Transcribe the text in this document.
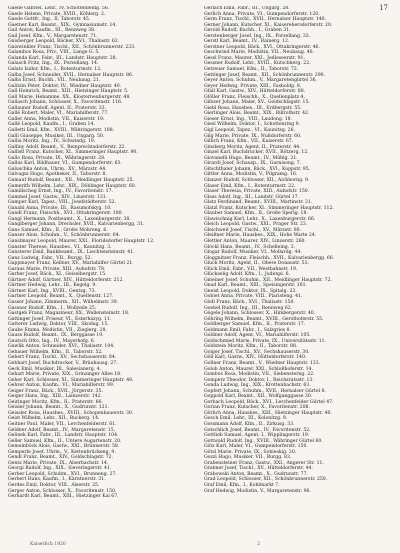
17

Gaede Gabriel, Lehr., IV, Schottenfeldg. 56.

Gaede Helene, Private, XVIII., Köhlerg. 2.

Gaede Gottfr., Ing., II, Taborstr. 45.

Gaetner Karl, Beamt., XIX., Gymnasiumstr. 14.

Gail Anton, Kaufm., III., Rennweg 38.

Gail Josef, Kfm., V., Margaretenstr. 71.

Gaisberger Leopold, Bäcker, XVI., Thaliastr. 62.

Gaiswinkler Franz, Tischl., XII., Schönbrunnerstr. 233.

Galambos Rosa, Priv., VIII., Lange G. 5.

Galanda Karl, Fabr., III., Landstr. Hauptstr. 28.

Galasch Fritz, Ing., IX., Porzellang. 14.

Galatz Isidor, Kfm., I., Rotenturmstr. 12.

Galba Josef, Schneider, XVII., Hernalser Hauptstr. 86.

Galhs Ernst, Buchh., VII., Neubaug. 21.

Galitzin Peter, Doktor, IV., Wiedner Hauptstr. 40.

Gall Heinrich, Beamt., XIII., Hietzinger Hauptstr. 5.

Gall Marie, Hebamme, XX., Klosterneuburgerstr. 48.

Gallasch Johann, Schlosser, X., Favoritenstr. 116.

Gallauner Rudolf, Agent, II., Praterstr. 33.

Gallé Robert, Maler, VI., Mariahilferstr. 77.

Galler Anna, Modistin, VII., Kaiserstr. 19.

Gallé Leopold, Kaufm., I., Graben 14.

Galletti Emil, Kfm., XVIII., Währingerstr. 108.

Galli Giuseppe, Musiker, III., Ungarg. 50.

Gallia Moritz, Ing., IV., Schwindg. 19.

Galliny Adolf, Beamt., V., Reinprechtsdorferstr. 22.

Gallistl Franz, Kutscher, XI., Simmeringer Hauptstr. 90.

Gallo Rosa, Private, IX., Währingerstr. 28.

Gallus Karl, Bildhauer, VI., Gumpendorferstr. 63.

Galuschka Anton, Uhrm., XV., Märzstr. 44.

Galvagni Hugo, Apotheker, II., Taborstr. 8.

Gamauf Rudolf, Beamt., XII., Meidlinger Hauptstr. 25.

Gamerith Wilhelm, Lehr., XIX., Döblinger Hauptstr. 60.

Gamillscheg Ernst, Ing., IV., Favoritenstr. 17.

Gammel Josef, Gastw., XIV., Linzerstr. 131.

Gamper Karl, Tapez., VIII., Josefstädterstr. 52.

Ganahl Anna, Private, III., Rasumofskyg. 10.

Gandl Franz, Fleischh., XVI., Ottakringerstr. 180.

Gangl Hermann, Postbeamt., X., Laxenburgerstr. 38.

Ganglberger Johann, Drechsler, XVII., Kalvarienbergg. 31.

Gans Samuel, Kfm., II., Große Mohreng. 6.

Ganser Alois, Schuhm., V., Schönbrunnerstr. 64.

Ganslmayer Leopold, Maurer, XXI., Floridsdorfer Hauptstr. 12.

Ganster Therese, Hausbes., VI., Kaunitzg. 3.

Gansterer Emil, Bankbeamt., IX., Liechtensteinstr. 41.

Ganz Ludwig, Fabr., VII., Burgg. 52.

Gappmayer Franz, Kellner, XV., Mariahilfer Gürtel 21.

Garaus Marie, Private, XIII., Auhofstr. 78.

Garber Josef, Bäck., XI., Geiselbergstr. 15.

Gärtner Adolf, Gärtner, XIV., Hütteldorferstr. 212.

Gärtner Hedwig, Lehr., III., Kegelg. 9.

Gärtner Karl, Ing., XVIII., Gentzg. 73.

Gartner Leopold, Beamt., X., Quellenstr. 127.

Gasser Johann, Zimmerm., XII., Wilhelmstr. 39.

Gassner Rudolf, Kfm., I., Wollzeile 25.

Gastgeb Franz, Magazineur, XX., Wallensteinstr. 18.

Gattinger Josef, Friseur, VI., Esterházyg. 11.

Gatterer Ludwig, Doktor, VIII., Skodag. 15.

Gaube Emma, Modistin, VII., Zieglerg. 28.

Gauss Rudolf, Beamt., IX., Berggasse 19.

Gautsch Otto, Ing., IV., Mayerhofg. 6.

Gawlik Anton, Schneider, XVI., Thaliastr. 104.

Gebauer Wilhelm, Kfm., II., Taborstr. 52.

Gebert Franz, Tischl., XV., Sechshauserstr. 84.

Gebhart Josef, Buchdrucker, V., Bräuhausg. 27.

Geck Emil, Musiker, III., Salesianerg. 4.

Gehart Marie, Private, XIX., Grinzinger Allee 18.

Geher Karl, Schlosser, XI., Simmeringer Hauptstr. 48.

Gehrer Anton, Kaufm., VI., Mariahilferstr. 99.

Geiger Franz, Bäck., XVII., Jörgerstr. 35.

Geiger Hans, Ing., XIII., Lainzerstr. 142.

Geiringer Moritz, Kfm., II., Praterstr. 66.

Geisler Johann, Beamt., X., Gudrunstr. 121.

Geissler Rosa, Hausbes., XVIII., Schopenhauerstr. 30.

Geist Wilhelm, Lehr., XII., Ruckerg. 14.

Geitner Paul, Maler, VII., Lerchenfelderstr. 61.

Geldner Adolf, Beamt., IV., Margaretenstr. 15.

Gelinek Karl, Fabr., III., Landstr. Hauptstr. 104.

Geller Samuel, Kfm., II., Untere Augartenstr. 20.

Gemeinböck Alois, Gastw., XXI., Brünnerstr. 58.

Gemperle Josef, Uhrm., V., Kettenbrückeng. 9.

Gendl Franz, Beamt., XIV., Goldschlagstr. 72.

Gentz Marie, Private, IX., Alserbachstr. 14.

Georgi Rudolf, Ing., XIX., Sieveringerstr. 41.

Gerber Leopold, Schuhm., XVI., Brunneng. 27.

Gerbert Hans, Kaufm., I., Kärntnerstr. 31.

Gerdes Emil, Doktor, VIII., Alserstr. 25.

Gerger Anton, Schlosser, X., Favoritenstr. 150.

Gerhardt Karl, Beamt., XIII., Hietzinger Kai 67.

Gerlach Emil, Fabr., III., Ungarg. 28.

Gerlich Anna, Private, VI., Gumpendorferstr. 120.

Germ Franz, Tischl., XVII., Hernalser Hauptstr. 140.

Gerner Johann, Kutscher, XI., Kaiserebersdorferstr. 20.

Gerold Rudolf, Buchh., I., Graben 31.

Gerstenberger Josef, Ing., IX., Porzellang. 33.

Gerstl Karl, Beamt., IV., Rainerg. 12.

Gerstner Leopold, Bäck., XVI., Ottakringerstr. 46.

Geschwind Marie, Modistin, VII., Neubaug. 40.

Gessl Franz, Maurer, XXI., Jedleseerstr. 91.

Gessner Rudolf, Lehr., XVIII., Kutschkerg. 22.

Getreuer Samuel, Kfm., II., Taborstr. 73.

Gettinger Josef, Beamt., XII., Schönbrunnerstr. 290.

Geyer Anton, Schuhm., V., Margaretengürtel 36.

Geyer Hedwig, Private, XIII., Fasholdg. 8.

Gfall Karl, Gastw., XIV., Hütteldorferstr. 88.

Gföller Franz, Fleischh., X., Quellenplatz 4.

Gibiser Johann, Maler, XV., Goldschlagstr. 15.

Giebl Rosa, Hausbes., III., Erdbergstr. 55.

Gierlinger Alois, Beamt., XIX., Billrothstr. 42.

Gieser Ernst, Ing., VIII., Laudong. 18.

Giesl Wilhelm, Doktor, I., Schottenring 9.

Gigl Leopold, Tapez., VI., Kaunitzg. 26.

Gilg Marie, Private, IX., Nußdorferstr. 60.

Gillich Franz, Kfm., VII., Kaiserstr. 67.

Ginsberg Moritz, Agent, II., Praterstr. 44.

Ginzel Karl, Buchdrucker, XVII., Rötzerg. 12.

Giovanelli Hugo, Beamt., IV., Mühlg. 21.

Girardi Josef, Schausp., IX., Garnisong. 7.

Gitschthaler Johann, Bäck., XVI., Koppstr. 95.

Gittler Anna, Modistin, V., Pilgramg. 16.

Glanzer Rudolf, Schlosser, XII., Aichhorng. 9.

Glaser Emil, Kfm., I., Rotenturmstr. 22.

Glaser Theresia, Private, XIII., Auhofstr. 150.

Glass Adolf, Ing., III., Landstr. Gürtel 17.

Glatz Ferdinand, Beamt., XVIII., Martinstr. 31.

Glatzl Franz, Kutscher, XI., Simmeringer Hauptstr. 112.

Glauber Samuel, Kfm., II., Große Sperlg. 18.

Glawischnig Karl, Lehr., X., Laxenburgerstr. 66.

Gleich Leopold, Gastw., XXI., Prager Str. 23.

Gleichweit Josef, Tischl., XV., Märzstr. 80.

Gleißner Marie, Hausbes., XIX., Hohe Warte 24.

Glettler Anton, Maurer, XIV., Linzerstr. 260.

Glöckl Hans, Beamt., IV., Schelleing. 3.

Glogar Rudolf, Musiker, VI., Mollardg. 44.

Gloggnitzer Franz, Fleischh., XVII., Kalvarienbergg. 66.

Gluck Moritz, Agent, II., Obere Donaustr. 53.

Glück Emil, Fabr., VII., Westbahnstr. 19.

Glückselig Adolf, Kfm., I., Judenpl. 6.

Gmeiner Josef, Schuhm., XII., Meidlinger Hauptstr. 72.

Gnad Karl, Beamt., XIII., Speisingerstr. 101.

Gneist Leopold, Doktor, IX., Spitalg. 23.

Gobiet Anna, Private, VIII., Piaristeng. 41.

Gödl Franz, Bäck., XVI., Thaliastr. 150.

Goebel Rudolf, Ing., III., Rennweg 62.

Gögele Johann, Schlosser, X., Himbergerstr. 40.

Göhring Wilhelm, Beamt., XVIII., Gersthoferstr. 55.

Goldberger Samuel, Kfm., II., Praterstr. 17.

Goldmann Emil, Fabr., I., Salzgries 8.

Goldner Adolf, Agent, VI., Mariahilferstr. 105.

Goldschmied Marie, Private, IX., Universitätsstr. 11.

Goldstein Moritz, Kfm., II., Taborstr. 88.

Golger Josef, Tischl., XV., Sechshauserstr. 30.

Göll Karl, Gastw., XIV., Hütteldorferstr. 140.

Gollner Franz, Beamt., V., Wiedner Hauptstr. 133.

Golob Anton, Maurer, XXI., Schloßhoferstr. 14.

Gombos Rosa, Modistin, VII., Siebensterng. 22.

Gomperz Theodor, Doktor, I., Reichsratsstr. 13.

Gonda Ludwig, Ing., XIX., Krottenbachstr. 63.

Gopfert Johann, Schuhm., XVII., Hernalser Gürtel 8.

Goppold Karl, Beamt., XII., Wolfganggasse 30.

Gorbach Leopold, Bäck., XVI., Lerchenfelder Gürtel 47.

Gorian Franz, Kutscher, X., Favoritenstr. 208.

Görlich Anna, Hausbes., XIII., Hietzinger Hauptstr. 40.

Gosch Emil, Lehr., III., Kolonitzg. 9.

Gossmann Adolf, Kfm., II., Zirkusg. 33.

Gotschlich Josef, Beamt., IV., Favoritenstr. 52.

Gottlieb Samuel, Agent, I., Wipplingerstr. 19.

Gottwald Rudolf, Ing., XVIII., Währinger Gürtel 60.

Götz Karl, Maler, VI., Gumpendorferstr. 150.

Götzl Marie, Private, IX., Sobieskig. 20.

Gozzi Hugo, Musiker, VII., Burgg. 83.

Grabensteiner Franz, Gastw., XXI., Angerer Str. 11.

Grabner Josef, Tischl., XV., Hütteldorferstr. 44.

Grabowski Anton, Beamt., X., Gudrunstr. 77.

Grad Leopold, Schlosser, XII., Schönbrunnerstr. 250.

Graf Emil, Kfm., I., Kohlmarkt 7.

Graf Hedwig, Modistin, V., Margaretenstr. 96.

Kaiserlich 1920	2
